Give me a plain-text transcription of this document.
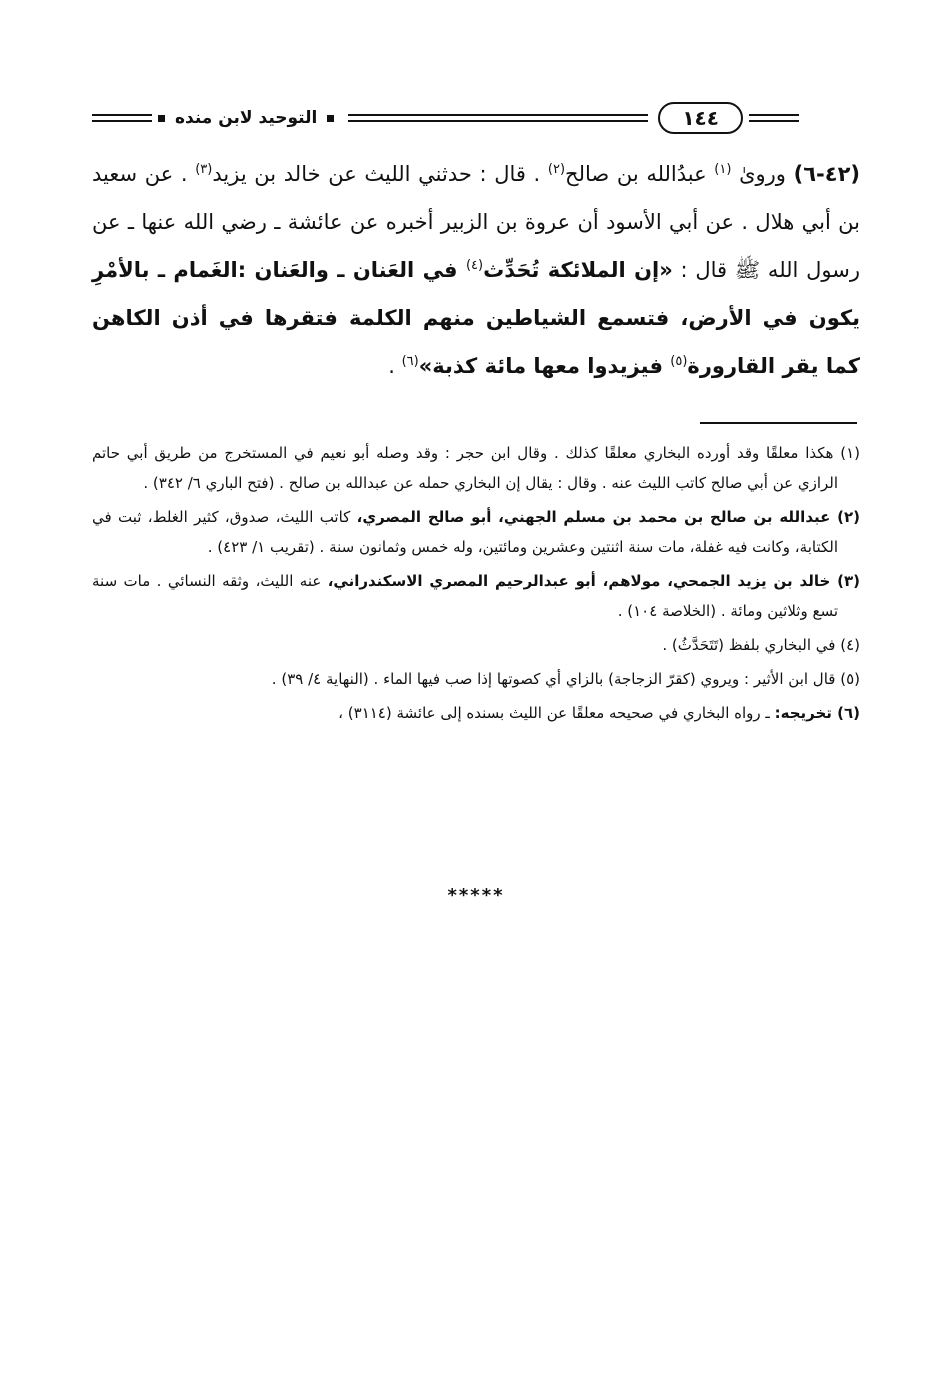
التوحيد لابن منده	١٤٤
(٤٢-٦) وروىٰ $^{(١)}$ عبدُالله بن صالح$^{(٢)}$ . قال : حدثني الليث عن خالد بن يزيد$^{(٣)}$ . عن سعيد بن أبي هلال . عن أبي الأسود أن عروة بن الزبير أخبره عن عائشة ـ رضي الله عنها ـ عن رسول الله ﷺ قال : «إن الملائكة تُحَدِّث$^{(٤)}$ في العَنان ـ والعَنان :الغَمام ـ بالأمْرِ يكون في الأرض، فتسمع الشياطين منهم الكلمة فتقرها في أذن الكاهن كما يقر القارورة$^{(٥)}$ فيزيدوا معها مائة كذبة»$^{(٦)}$ .

(١) هكذا معلقًا وقد أورده البخاري معلقًا كذلك . وقال ابن حجر : وقد وصله أبو نعيم في المستخرج من طريق أبي حاتم الرازي عن أبي صالح كاتب الليث عنه . وقال : يقال إن البخاري حمله عن عبدالله بن صالح . (فتح الباري ٦/ ٣٤٢) .

(٢) عبدالله بن صالح بن محمد بن مسلم الجهني، أبو صالح المصري، كاتب الليث، صدوق، كثير الغلط، ثبت في الكتابة، وكانت فيه غفلة، مات سنة اثنتين وعشرين ومائتين، وله خمس وثمانون سنة . (تقريب ١/ ٤٢٣) .

(٣) خالد بن يزيد الجمحي، مولاهم، أبو عبدالرحيم المصري الاسكندراني، عنه الليث، وثقه النسائي . مات سنة تسع وثلاثين ومائة . (الخلاصة ١٠٤) .

(٤) في البخاري بلفظ (تَتَحَدَّثُ) .

(٥) قال ابن الأثير : ويروي (كقرّ الزجاجة) بالزاي أي كصوتها إذا صب فيها الماء . (النهاية ٤/ ٣٩) .

(٦) تخريجه: ـ رواه البخاري في صحيحه معلقًا عن الليث بسنده إلى عائشة (٣١١٤) ،

*****
